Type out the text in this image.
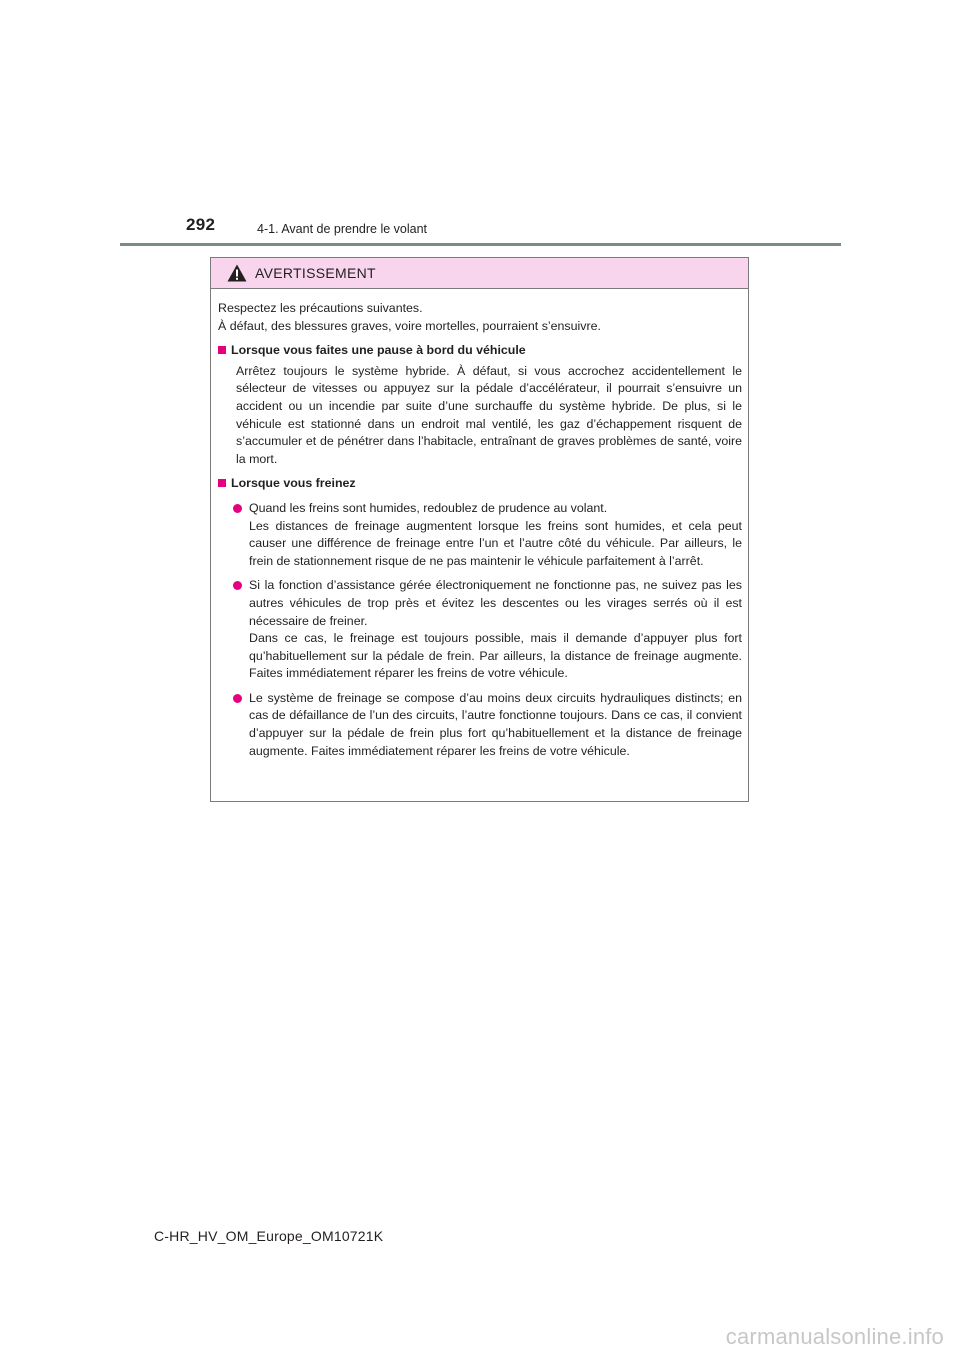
292	4-1. Avant de prendre le volant
AVERTISSEMENT

Respectez les précautions suivantes.

À défaut, des blessures graves, voire mortelles, pourraient s’ensuivre.

Lorsque vous faites une pause à bord du véhicule

Arrêtez toujours le système hybride. À défaut, si vous accrochez accidentellement le sélecteur de vitesses ou appuyez sur la pédale d’accélérateur, il pourrait s’ensuivre un accident ou un incendie par suite d’une surchauffe du système hybride. De plus, si le véhicule est stationné dans un endroit mal ventilé, les gaz d’échappement risquent de s’accumuler et de pénétrer dans l’habitacle, entraînant de graves problèmes de santé, voire la mort.

Lorsque vous freinez

Quand les freins sont humides, redoublez de prudence au volant.

Les distances de freinage augmentent lorsque les freins sont humides, et cela peut causer une différence de freinage entre l’un et l’autre côté du véhicule. Par ailleurs, le frein de stationnement risque de ne pas maintenir le véhicule parfaitement à l’arrêt.

Si la fonction d’assistance gérée électroniquement ne fonctionne pas, ne suivez pas les autres véhicules de trop près et évitez les descentes ou les virages serrés où il est nécessaire de freiner.

Dans ce cas, le freinage est toujours possible, mais il demande d’appuyer plus fort qu’habituellement sur la pédale de frein. Par ailleurs, la distance de freinage augmente. Faites immédiatement réparer les freins de votre véhicule.

Le système de freinage se compose d’au moins deux circuits hydrauliques distincts; en cas de défaillance de l’un des circuits, l’autre fonctionne toujours. Dans ce cas, il convient d’appuyer sur la pédale de frein plus fort qu’habituellement et la distance de freinage augmente. Faites immédiatement réparer les freins de votre véhicule.

C-HR_HV_OM_Europe_OM10721K
carmanualsonline.info
